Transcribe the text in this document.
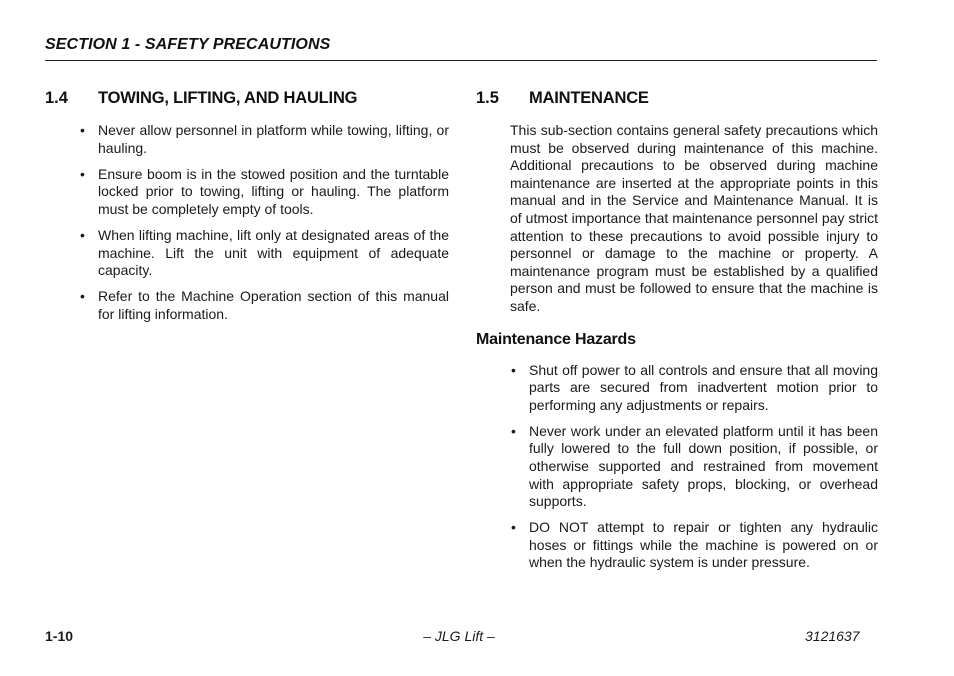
SECTION 1 - SAFETY PRECAUTIONS
1.4 TOWING, LIFTING, AND HAULING
• Never allow personnel in platform while towing, lifting, or hauling.
• Ensure boom is in the stowed position and the turntable locked prior to towing, lifting or hauling. The platform must be completely empty of tools.
• When lifting machine, lift only at designated areas of the machine. Lift the unit with equipment of adequate capacity.
• Refer to the Machine Operation section of this manual for lifting information.
1.5 MAINTENANCE

This sub-section contains general safety precautions which must be observed during maintenance of this machine. Additional precautions to be observed during machine maintenance are inserted at the appropriate points in this manual and in the Service and Maintenance Manual. It is of utmost importance that maintenance personnel pay strict attention to these precautions to avoid possible injury to personnel or damage to the machine or property. A maintenance program must be established by a qualified person and must be followed to ensure that the machine is safe.

Maintenance Hazards
• Shut off power to all controls and ensure that all moving parts are secured from inadvertent motion prior to performing any adjustments or repairs.
• Never work under an elevated platform until it has been fully lowered to the full down position, if possible, or otherwise supported and restrained from movement with appropriate safety props, blocking, or overhead supports.
• DO NOT attempt to repair or tighten any hydraulic hoses or fittings while the machine is powered on or when the hydraulic system is under pressure.
1-10	– JLG Lift –	3121637
